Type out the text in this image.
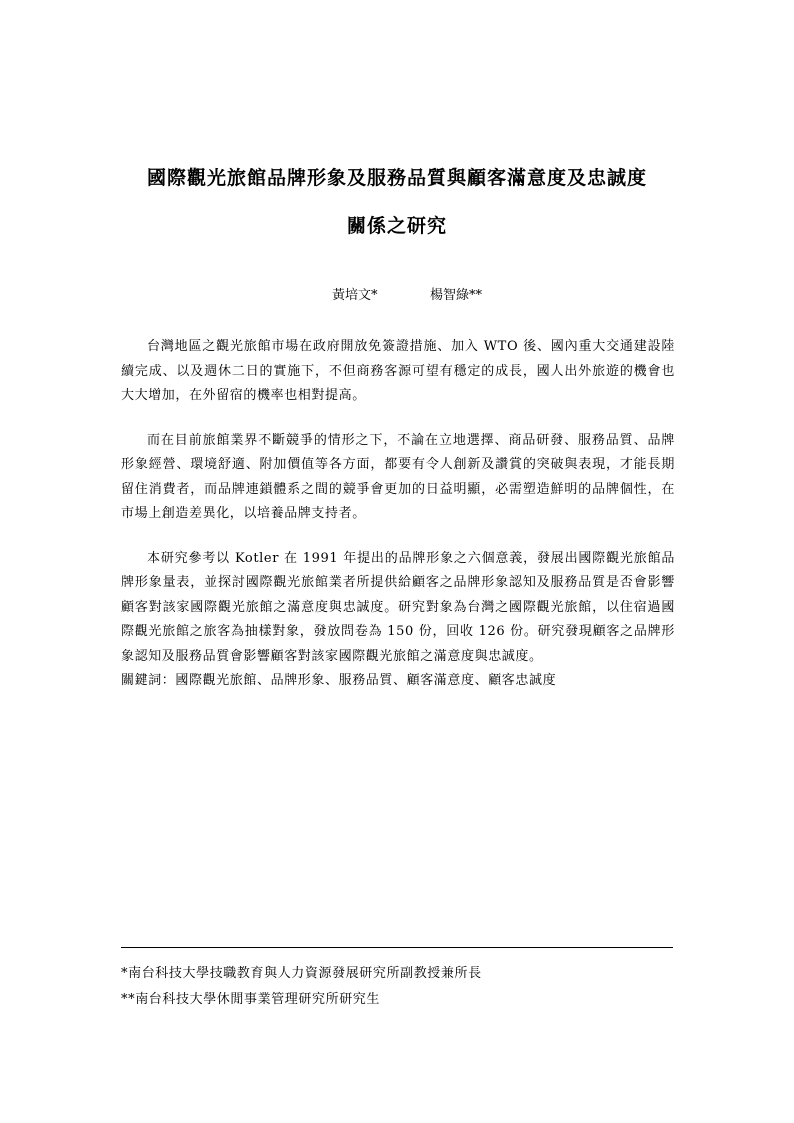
國際觀光旅館品牌形象及服務品質與顧客滿意度及忠誠度
關係之研究
黃培文*	楊智綠**

台灣地區之觀光旅館市場在政府開放免簽證措施、加入 WTO 後、國內重大交通建設陸續完成、以及週休二日的實施下，不但商務客源可望有穩定的成長，國人出外旅遊的機會也大大增加，在外留宿的機率也相對提高。

而在目前旅館業界不斷競爭的情形之下，不論在立地選擇、商品研發、服務品質、品牌形象經營、環境舒適、附加價值等各方面，都要有令人創新及讚賞的突破與表現，才能長期留住消費者，而品牌連鎖體系之間的競爭會更加的日益明顯，必需塑造鮮明的品牌個性，在市場上創造差異化，以培養品牌支持者。

本研究參考以 Kotler 在 1991 年提出的品牌形象之六個意義，發展出國際觀光旅館品牌形象量表，並探討國際觀光旅館業者所提供給顧客之品牌形象認知及服務品質是否會影響顧客對該家國際觀光旅館之滿意度與忠誠度。研究對象為台灣之國際觀光旅館，以住宿過國際觀光旅館之旅客為抽樣對象，發放問卷為 150 份，回收 126 份。研究發現顧客之品牌形象認知及服務品質會影響顧客對該家國際觀光旅館之滿意度與忠誠度。

關鍵詞：國際觀光旅館、品牌形象、服務品質、顧客滿意度、顧客忠誠度

*南台科技大學技職教育與人力資源發展研究所副教授兼所長
**南台科技大學休閒事業管理研究所研究生
